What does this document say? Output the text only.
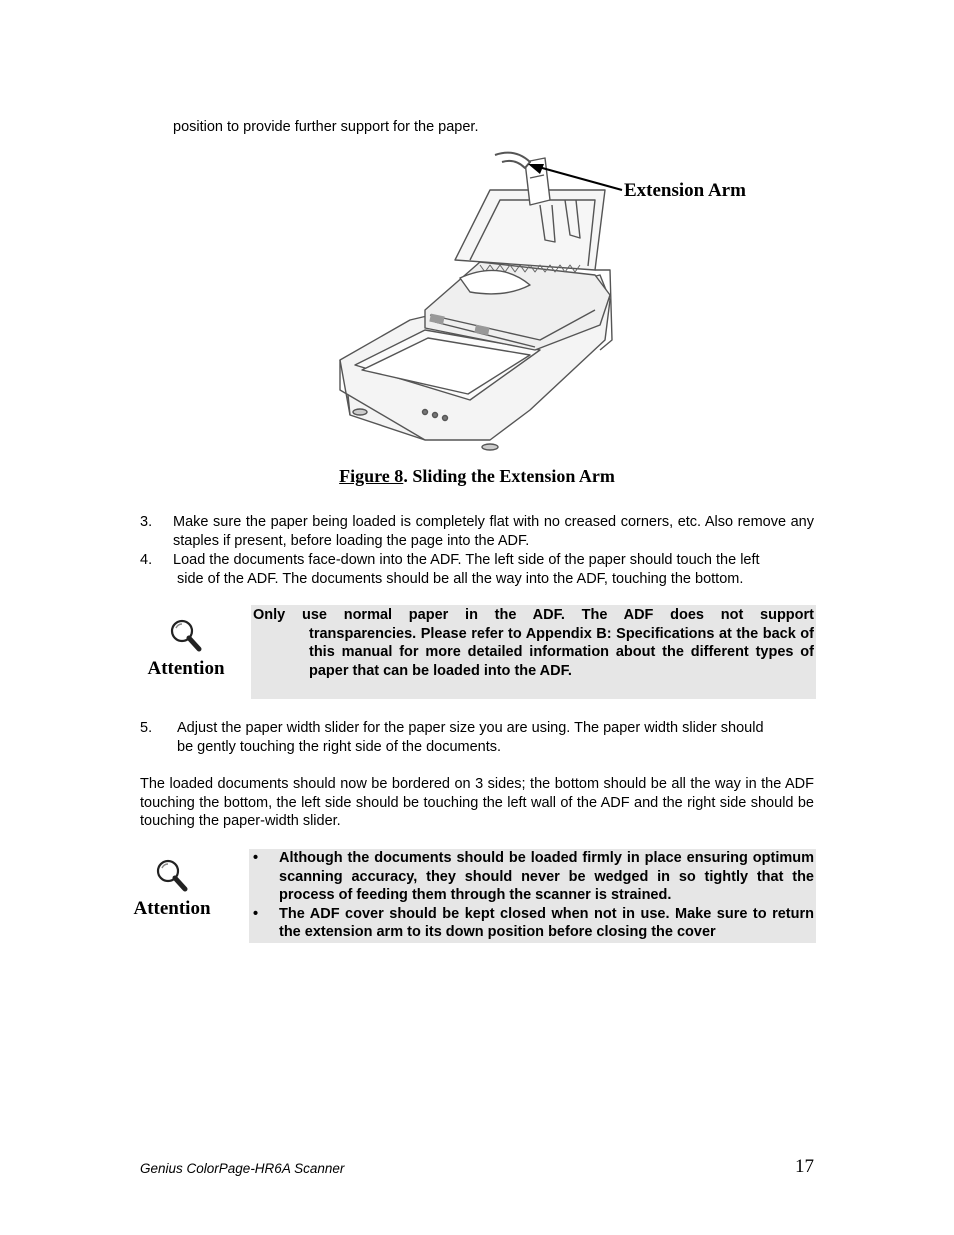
position to provide further support for the paper.
Extension Arm
Figure 8. Sliding the Extension Arm
3. Make sure the paper being loaded is completely flat with no creased corners, etc. Also remove any staples if present, before loading the page into the ADF.
4. Load the documents face-down into the ADF. The left side of the paper should touch the left
side of the ADF. The documents should be all the way into the ADF, touching the bottom.
Attention
Only use normal paper in the ADF. The ADF does not support
transparencies. Please refer to Appendix B: Specifications at the back of this manual for more detailed information about the different types of paper that can be loaded into the ADF.
5. Adjust the paper width slider for the paper size you are using. The paper width slider should
be gently touching the right side of the documents.
The loaded documents should now be bordered on 3 sides; the bottom should be all the way in the ADF touching the bottom, the left side should be touching the left wall of the ADF and the right side should be touching the paper-width slider.
Attention
• Although the documents should be loaded firmly in place ensuring optimum scanning accuracy, they should never be wedged in so tightly that the process of feeding them through the scanner is strained.
• The ADF cover should be kept closed when not in use. Make sure to return the extension arm to its down position before closing the cover
Genius ColorPage-HR6A Scanner	17
